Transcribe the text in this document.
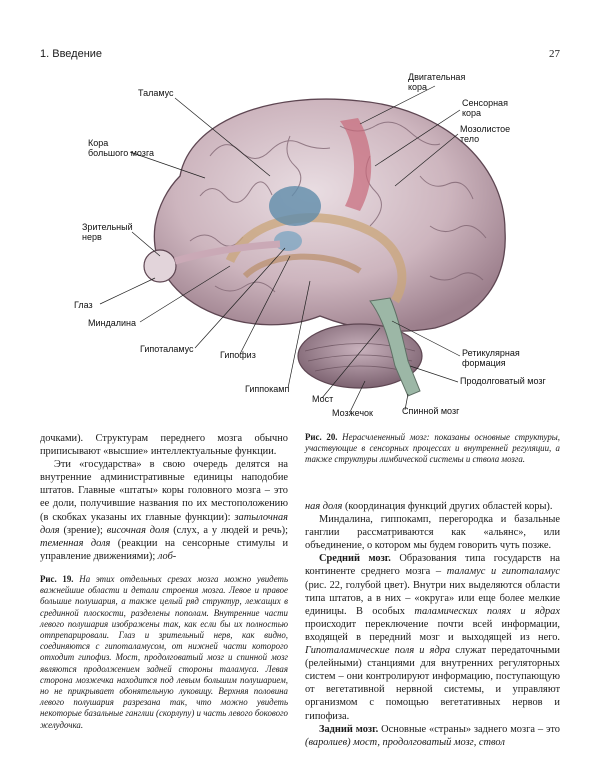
1. Введение	27
Таламус
Двигательная
кора
Сенсорная
кора
Мозолистое
тело
Кора
большого мозга
Зрительный
нерв
Глаз
Миндалина
Гипоталамус
Гипофиз
Гиппокамп
Мост
Мозжечок	Спинной мозг
Продолговатый мозг
Ретикулярная
формация

дочками). Структурам переднего мозга обычно приписывают «высшие» интеллектуальные функции.

Эти «государства» в свою очередь делятся на внутренние административные единицы наподобие штатов. Главные «штаты» коры головного мозга – это ее доли, получившие названия по их местоположению (в скобках указаны их главные функции): затылочная доля (зрение); височная доля (слух, а у людей и речь); теменная доля (реакции на сенсорные стимулы и управление движениями); лоб-

Рис. 19. На этих отдельных срезах мозга можно увидеть важнейшие области и детали строения мозга. Левое и правое большие полушария, а также целый ряд структур, лежащих в срединной плоскости, разделены пополам. Внутренние части левого полушария изображены так, как если бы их полностью отпрепарировали. Глаз и зрительный нерв, как видно, соединяются с гипоталамусом, от нижней части которого отходит гипофиз. Мост, продолговатый мозг и спинной мозг являются продолжением задней стороны таламуса. Левая сторона мозжечка находится под левым большим полушарием, но не прикрывает обонятельную луковицу. Верхняя половина левого полушария разрезана так, что можно увидеть некоторые базальные ганглии (скорлупу) и часть левого бокового желудочка.

Рис. 20. Нерасчлененный мозг: показаны основные структуры, участвующие в сенсорных процессах и внутренней регуляции, а также структуры лимбической системы и ствола мозга.

ная доля (координация функций других областей коры).

Миндалина, гиппокамп, перегородка и базальные ганглии рассматриваются как «альянс», или объединение, о котором мы будем говорить чуть позже.

Средний мозг. Образования типа государств на континенте среднего мозга – таламус и гипоталамус (рис. 22, голубой цвет). Внутри них выделяются области типа штатов, а в них – «округа» или еще более мелкие единицы. В особых таламических полях и ядрах происходит переключение почти всей информации, входящей в передний мозг и выходящей из него. Гипоталамические поля и ядра служат передаточными (релейными) станциями для внутренних регуляторных систем – они контролируют информацию, поступающую от вегетативной нервной системы, и управляют организмом с помощью вегетативных нервов и гипофиза.

Задний мозг. Основные «страны» заднего мозга – это (варолиев) мост, продолговатый мозг, ствол
